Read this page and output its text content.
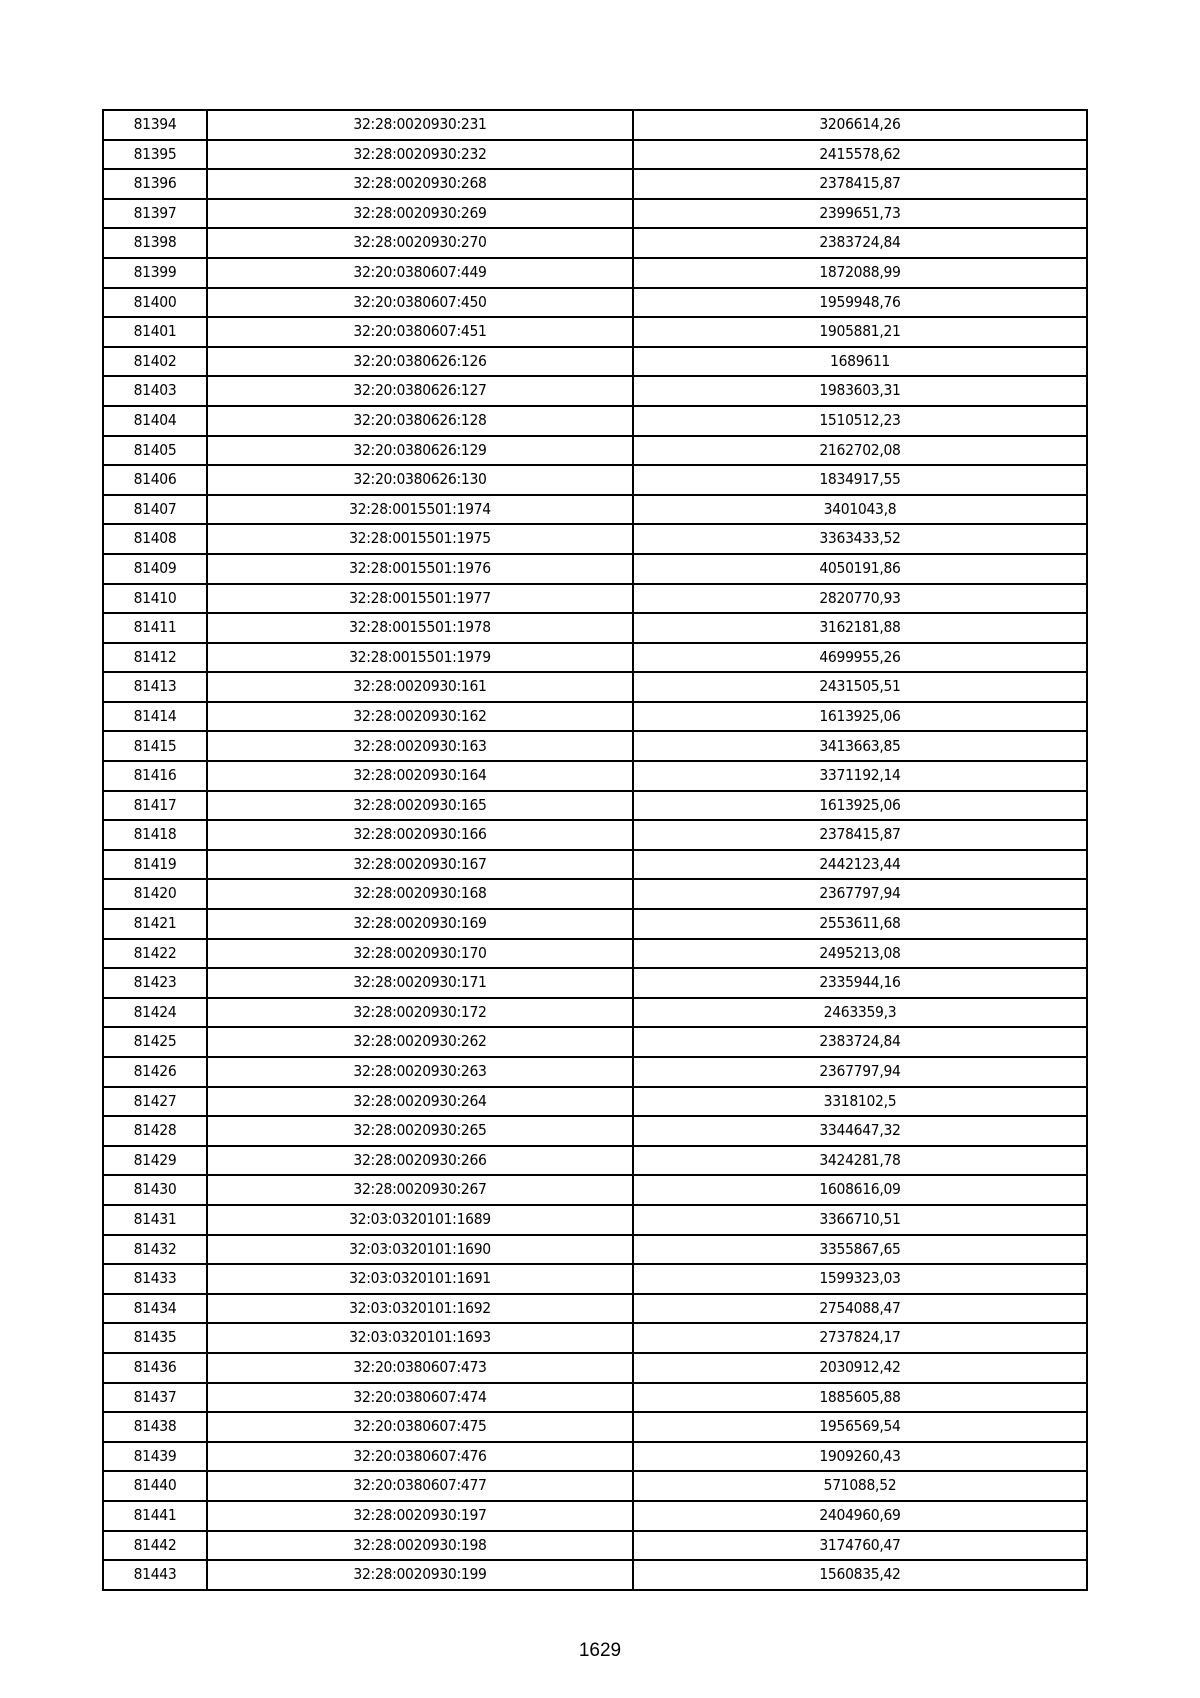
81394	32:28:0020930:231	3206614,26
81395	32:28:0020930:232	2415578,62
81396	32:28:0020930:268	2378415,87
81397	32:28:0020930:269	2399651,73
81398	32:28:0020930:270	2383724,84
81399	32:20:0380607:449	1872088,99
81400	32:20:0380607:450	1959948,76
81401	32:20:0380607:451	1905881,21
81402	32:20:0380626:126	1689611
81403	32:20:0380626:127	1983603,31
81404	32:20:0380626:128	1510512,23
81405	32:20:0380626:129	2162702,08
81406	32:20:0380626:130	1834917,55
81407	32:28:0015501:1974	3401043,8
81408	32:28:0015501:1975	3363433,52
81409	32:28:0015501:1976	4050191,86
81410	32:28:0015501:1977	2820770,93
81411	32:28:0015501:1978	3162181,88
81412	32:28:0015501:1979	4699955,26
81413	32:28:0020930:161	2431505,51
81414	32:28:0020930:162	1613925,06
81415	32:28:0020930:163	3413663,85
81416	32:28:0020930:164	3371192,14
81417	32:28:0020930:165	1613925,06
81418	32:28:0020930:166	2378415,87
81419	32:28:0020930:167	2442123,44
81420	32:28:0020930:168	2367797,94
81421	32:28:0020930:169	2553611,68
81422	32:28:0020930:170	2495213,08
81423	32:28:0020930:171	2335944,16
81424	32:28:0020930:172	2463359,3
81425	32:28:0020930:262	2383724,84
81426	32:28:0020930:263	2367797,94
81427	32:28:0020930:264	3318102,5
81428	32:28:0020930:265	3344647,32
81429	32:28:0020930:266	3424281,78
81430	32:28:0020930:267	1608616,09
81431	32:03:0320101:1689	3366710,51
81432	32:03:0320101:1690	3355867,65
81433	32:03:0320101:1691	1599323,03
81434	32:03:0320101:1692	2754088,47
81435	32:03:0320101:1693	2737824,17
81436	32:20:0380607:473	2030912,42
81437	32:20:0380607:474	1885605,88
81438	32:20:0380607:475	1956569,54
81439	32:20:0380607:476	1909260,43
81440	32:20:0380607:477	571088,52
81441	32:28:0020930:197	2404960,69
81442	32:28:0020930:198	3174760,47
81443	32:28:0020930:199	1560835,42
1629
